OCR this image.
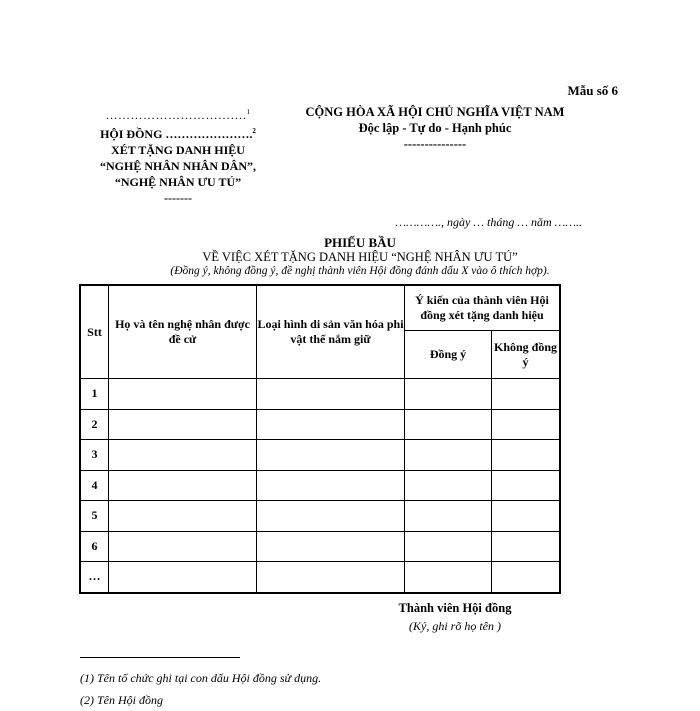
Mẫu số 6
…………………………….$^1$
HỘI ĐỒNG ………………….$^2$
XÉT TẶNG DANH HIỆU
“NGHỆ NHÂN NHÂN DÂN”,
“NGHỆ NHÂN ƯU TÚ”
-------
CỘNG HÒA XÃ HỘI CHỦ NGHĨA VIỆT NAM
Độc lập - Tự do - Hạnh phúc
---------------
…………., ngày … tháng … năm ……..
PHIẾU BẦU
VỀ VIỆC XÉT TẶNG DANH HIỆU “NGHỆ NHÂN ƯU TÚ”
(Đồng ý, không đồng ý, đề nghị thành viên Hội đồng đánh dấu X vào ô thích hợp).
Stt	Họ và tên nghệ nhân được đề cử	Loại hình di sản văn hóa phi vật thể nắm giữ	Ý kiến của thành viên Hội đồng xét tặng danh hiệu	
			Đồng ý	Không đồng ý
1				
2				
3				
4				
5				
6				
…				
Thành viên Hội đồng
(Ký, ghi rõ họ tên )
(1) Tên tổ chức ghi tại con dấu Hội đồng sử dụng.
(2) Tên Hội đồng
